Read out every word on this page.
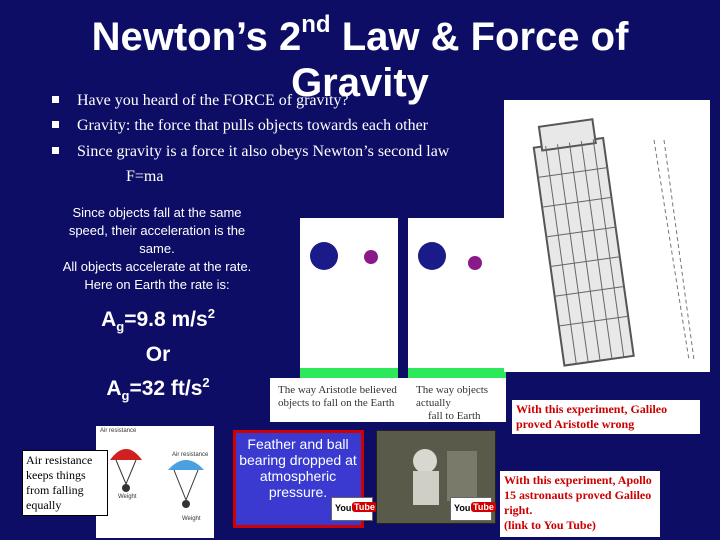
Newton’s 2nd Law & Force of Gravity
Have you heard of the FORCE of gravity?
Gravity: the force that pulls objects towards each other
Since gravity is a force it also obeys Newton’s second law
F=ma
Since objects fall at the same
speed, their acceleration is the
same.
All objects accelerate at the rate.
Here on Earth the rate is:
$A_g=9.8$ $m/s^2$
Or
$A_g=32$ $ft/s^2$	The way Aristotle believed
objects to fall on the Earth
The way objects actually
fall to Earth	With this experiment, Galileo proved Aristotle wrong
Air resistance
Weight
Air resistance
Weight
Air resistance keeps things from falling equally
Feather and ball bearing dropped at atmospheric pressure.
You Tube	You Tube
With this experiment, Apollo 15 astronauts proved Galileo right.
(link to You Tube)
